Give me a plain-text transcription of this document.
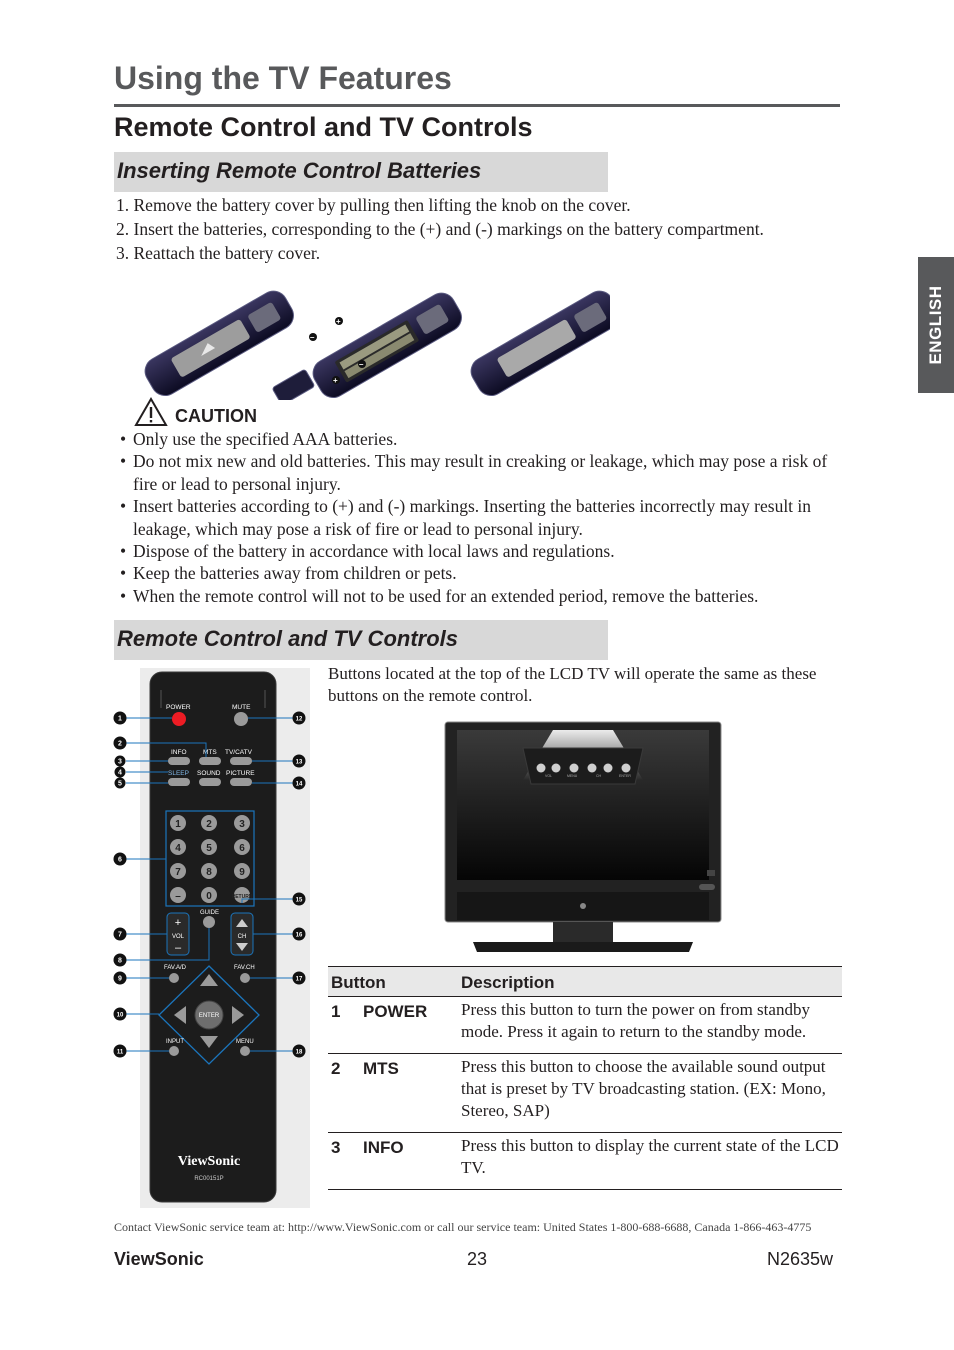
Using the TV Features
Remote Control and TV Controls
Inserting Remote Control Batteries
1. Remove the battery cover by pulling then lifting the knob on the cover.
2. Insert the batteries, corresponding to the (+) and (-) markings on the battery compartment.
3. Reattach the battery cover.
+
–
–
+
CAUTION
• Only use the specified AAA batteries.
• Do not mix new and old batteries. This may result in creaking or leakage, which may pose a risk of fire or lead to personal injury.
• Insert batteries according to (+) and (-) markings. Inserting the batteries incorrectly may result in leakage, which may pose a risk of fire or lead to personal injury.
• Dispose of the battery in accordance with local laws and regulations.
• Keep the batteries away from children or pets.
• When the remote control will not to be used for an extended period, remove the batteries.
Remote Control and TV Controls
POWER	MUTE
INFO	MTS TV/CATV
SLEEP SOUND PICTURE
1	2	3
4	5	6
7	8	9
–	0	RETURN
GUIDE
+
VOL
–
CH
FAV.A/D	FAV.CH
ENTER
INPUT	MENU
ViewSonic
RC00151P
1
2
3
4
5
6
7
8
9
10
11
12
13
14
15
16
17
18

Buttons located at the top of the LCD TV will operate the same as these buttons on the remote control.

VOL	MENU	CH	ENTER
Button		Description
1	POWER	Press this button to turn the power on from standby mode. Press it again to return to the standby mode.
2	MTS	Press this button to choose the available sound output that is preset by TV broadcasting station. (EX: Mono, Stereo, SAP)
3	INFO	Press this button to display the current state of the LCD TV.

Contact ViewSonic service team at: http://www.ViewSonic.com or call our service team: United States 1-800-688-6688, Canada 1-866-463-4775

ViewSonic	23	N2635w
ENGLISH
